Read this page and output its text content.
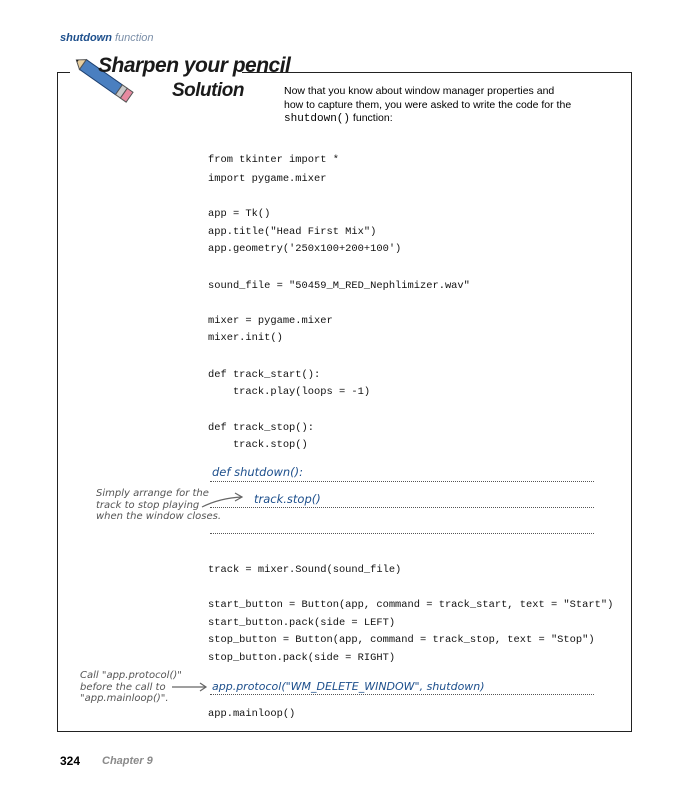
shutdown function
Sharpen your pencil
Solution	Now that you know about window manager properties and
how to capture them, you were asked to write the code for the
shutdown() function:
from tkinter import *
import pygame.mixer
app = Tk()
app.title("Head First Mix")
app.geometry('250x100+200+100')
sound_file = "50459_M_RED_Nephlimizer.wav"
mixer = pygame.mixer
mixer.init()
def track_start():
track.play(loops = -1)
def track_stop():
track.stop()
def shutdown():
track.stop()
Simply arrange for the
track to stop playing
when the window closes.
track = mixer.Sound(sound_file)
start_button = Button(app, command = track_start, text = "Start")
start_button.pack(side = LEFT)
stop_button = Button(app, command = track_stop, text = "Stop")
stop_button.pack(side = RIGHT)
Call "app.protocol()"
before the call to
"app.mainloop()".
app.protocol("WM_DELETE_WINDOW", shutdown)
app.mainloop()
324 Chapter 9
